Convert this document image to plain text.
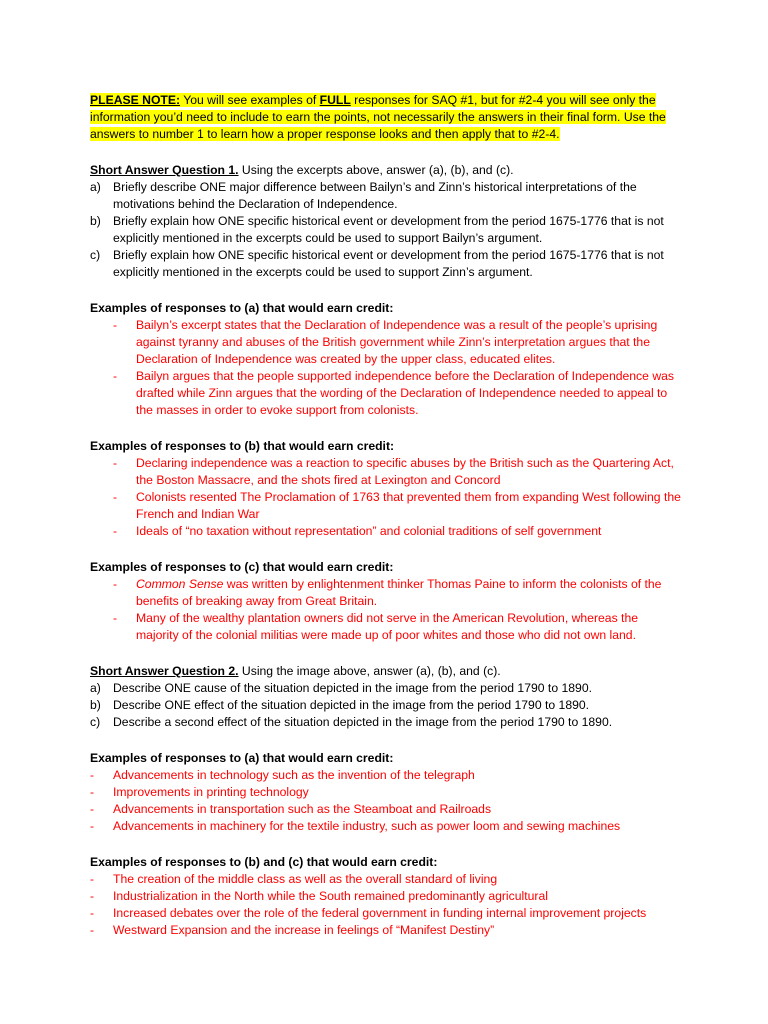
PLEASE NOTE: You will see examples of FULL responses for SAQ #1, but for #2-4 you will see only the information you’d need to include to earn the points, not necessarily the answers in their final form. Use the answers to number 1 to learn how a proper response looks and then apply that to #2-4.

Short Answer Question 1. Using the excerpts above, answer (a), (b), and (c).

a) Briefly describe ONE major difference between Bailyn’s and Zinn’s historical interpretations of the motivations behind the Declaration of Independence.
b) Briefly explain how ONE specific historical event or development from the period 1675-1776 that is not explicitly mentioned in the excerpts could be used to support Bailyn’s argument.
c) Briefly explain how ONE specific historical event or development from the period 1675-1776 that is not explicitly mentioned in the excerpts could be used to support Zinn’s argument.

Examples of responses to (a) that would earn credit:

- Bailyn’s excerpt states that the Declaration of Independence was a result of the people’s uprising against tyranny and abuses of the British government while Zinn’s interpretation argues that the Declaration of Independence was created by the upper class, educated elites.
- Bailyn argues that the people supported independence before the Declaration of Independence was drafted while Zinn argues that the wording of the Declaration of Independence needed to appeal to the masses in order to evoke support from colonists.

Examples of responses to (b) that would earn credit:

- Declaring independence was a reaction to specific abuses by the British such as the Quartering Act, the Boston Massacre, and the shots fired at Lexington and Concord
- Colonists resented The Proclamation of 1763 that prevented them from expanding West following the French and Indian War
- Ideals of “no taxation without representation” and colonial traditions of self government

Examples of responses to (c) that would earn credit:

- Common Sense was written by enlightenment thinker Thomas Paine to inform the colonists of the benefits of breaking away from Great Britain.
- Many of the wealthy plantation owners did not serve in the American Revolution, whereas the majority of the colonial militias were made up of poor whites and those who did not own land.

Short Answer Question 2. Using the image above, answer (a), (b), and (c).

a) Describe ONE cause of the situation depicted in the image from the period 1790 to 1890.
b) Describe ONE effect of the situation depicted in the image from the period 1790 to 1890.
c) Describe a second effect of the situation depicted in the image from the period 1790 to 1890.

Examples of responses to (a) that would earn credit:

- Advancements in technology such as the invention of the telegraph
- Improvements in printing technology
- Advancements in transportation such as the Steamboat and Railroads
- Advancements in machinery for the textile industry, such as power loom and sewing machines

Examples of responses to (b) and (c) that would earn credit:

- The creation of the middle class as well as the overall standard of living
- Industrialization in the North while the South remained predominantly agricultural
- Increased debates over the role of the federal government in funding internal improvement projects
- Westward Expansion and the increase in feelings of “Manifest Destiny”
